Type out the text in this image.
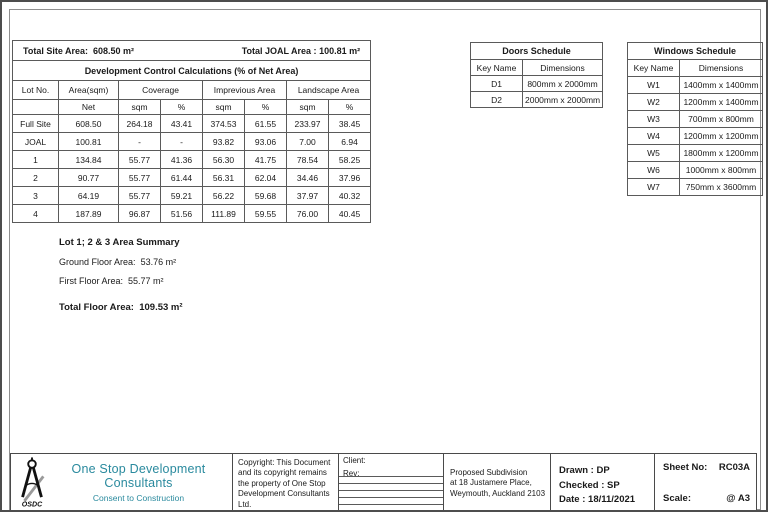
Total Site Area: 608.50 m² Total JOAL Area : 100.81 m²							

Development Control Calculations (% of Net Area)							
Lot No.	Area(sqm)	Coverage		Imprevious Area		Landscape Area	
	Net	sqm	%	sqm	%	sqm	%
Full Site	608.50	264.18	43.41	374.53	61.55	233.97	38.45
JOAL	100.81	-	-	93.82	93.06	7.00	6.94
1	134.84	55.77	41.36	56.30	41.75	78.54	58.25
2	90.77	55.77	61.44	56.31	62.04	34.46	37.96
3	64.19	55.77	59.21	56.22	59.68	37.97	40.32
4	187.89	96.87	51.56	111.89	59.55	76.00	40.45
Doors Schedule	
Key Name	Dimensions
D1	800mm x 2000mm
D2	2000mm x 2000mm
Windows Schedule	
Key Name	Dimensions
W1	1400mm x 1400mm
W2	1200mm x 1400mm
W3	700mm x 800mm
W4	1200mm x 1200mm
W5	1800mm x 1200mm
W6	1000mm x 800mm
W7	750mm x 3600mm
Lot 1; 2 & 3 Area Summary
Ground Floor Area: 53.76 m²
First Floor Area: 55.77 m²
Total Floor Area: 109.53 m²
OSDC
One Stop Development Consultants
Consent to Construction
Copyright: This Document and its copyright remains the property of One Stop Development Consultants Ltd.
Client:
Rev:	Proposed Subdivision
at 18 Justamere Place,
Weymouth, Auckland 2103
Drawn : DP
Checked : SP
Date : 18/11/2021
Sheet No: RC03A
Scale:	@ A3
